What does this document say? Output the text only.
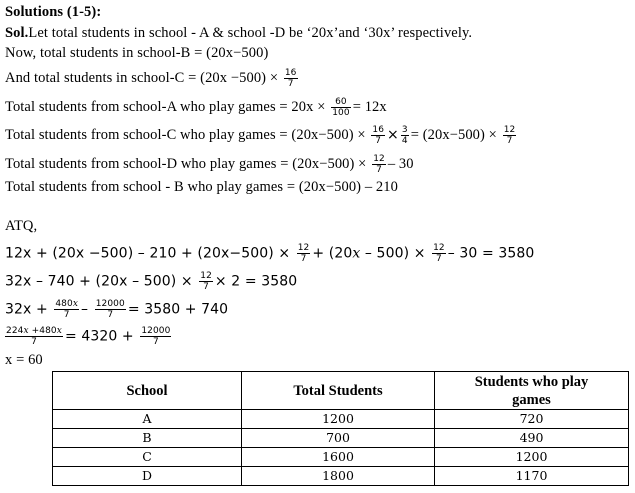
Solutions (1-5):
Sol.Let total students in school - A & school -D be ‘20x’and ‘30x’ respectively.
Now, total students in school-B = (20x−500)
And total students in school-C = $(20x -500) \times \frac{16}{7}$
Total students from school-A who play games = $20x \times \frac{60}{100} = 12x$
Total students from school-C who play games = $(20x-500) \times \frac{16}{7} \times \frac{3}{4} = (20x-500) \times \frac{12}{7}$
Total students from school-D who play games = $(20x-500) \times \frac{12}{7} - 30$
Total students from school - B who play games = (20x−500) – 210
ATQ,
$12x + (20x -500) - 210 + (20x-500) \times \frac{12}{7} + (20x - 500) \times \frac{12}{7} - 30 = 3580$
$32x - 740 + (20x - 500) \times \frac{12}{7} \times 2 = 3580$
$32x + \frac{480x}{7} - \frac{12000}{7} = 3580 + 740$
$\frac{224x +480x}{7} = 4320 + \frac{12000}{7}$
x = 60
School	Total Students	Students who play games
A	1200	720
B	700	490
C	1600	1200
D	1800	1170
